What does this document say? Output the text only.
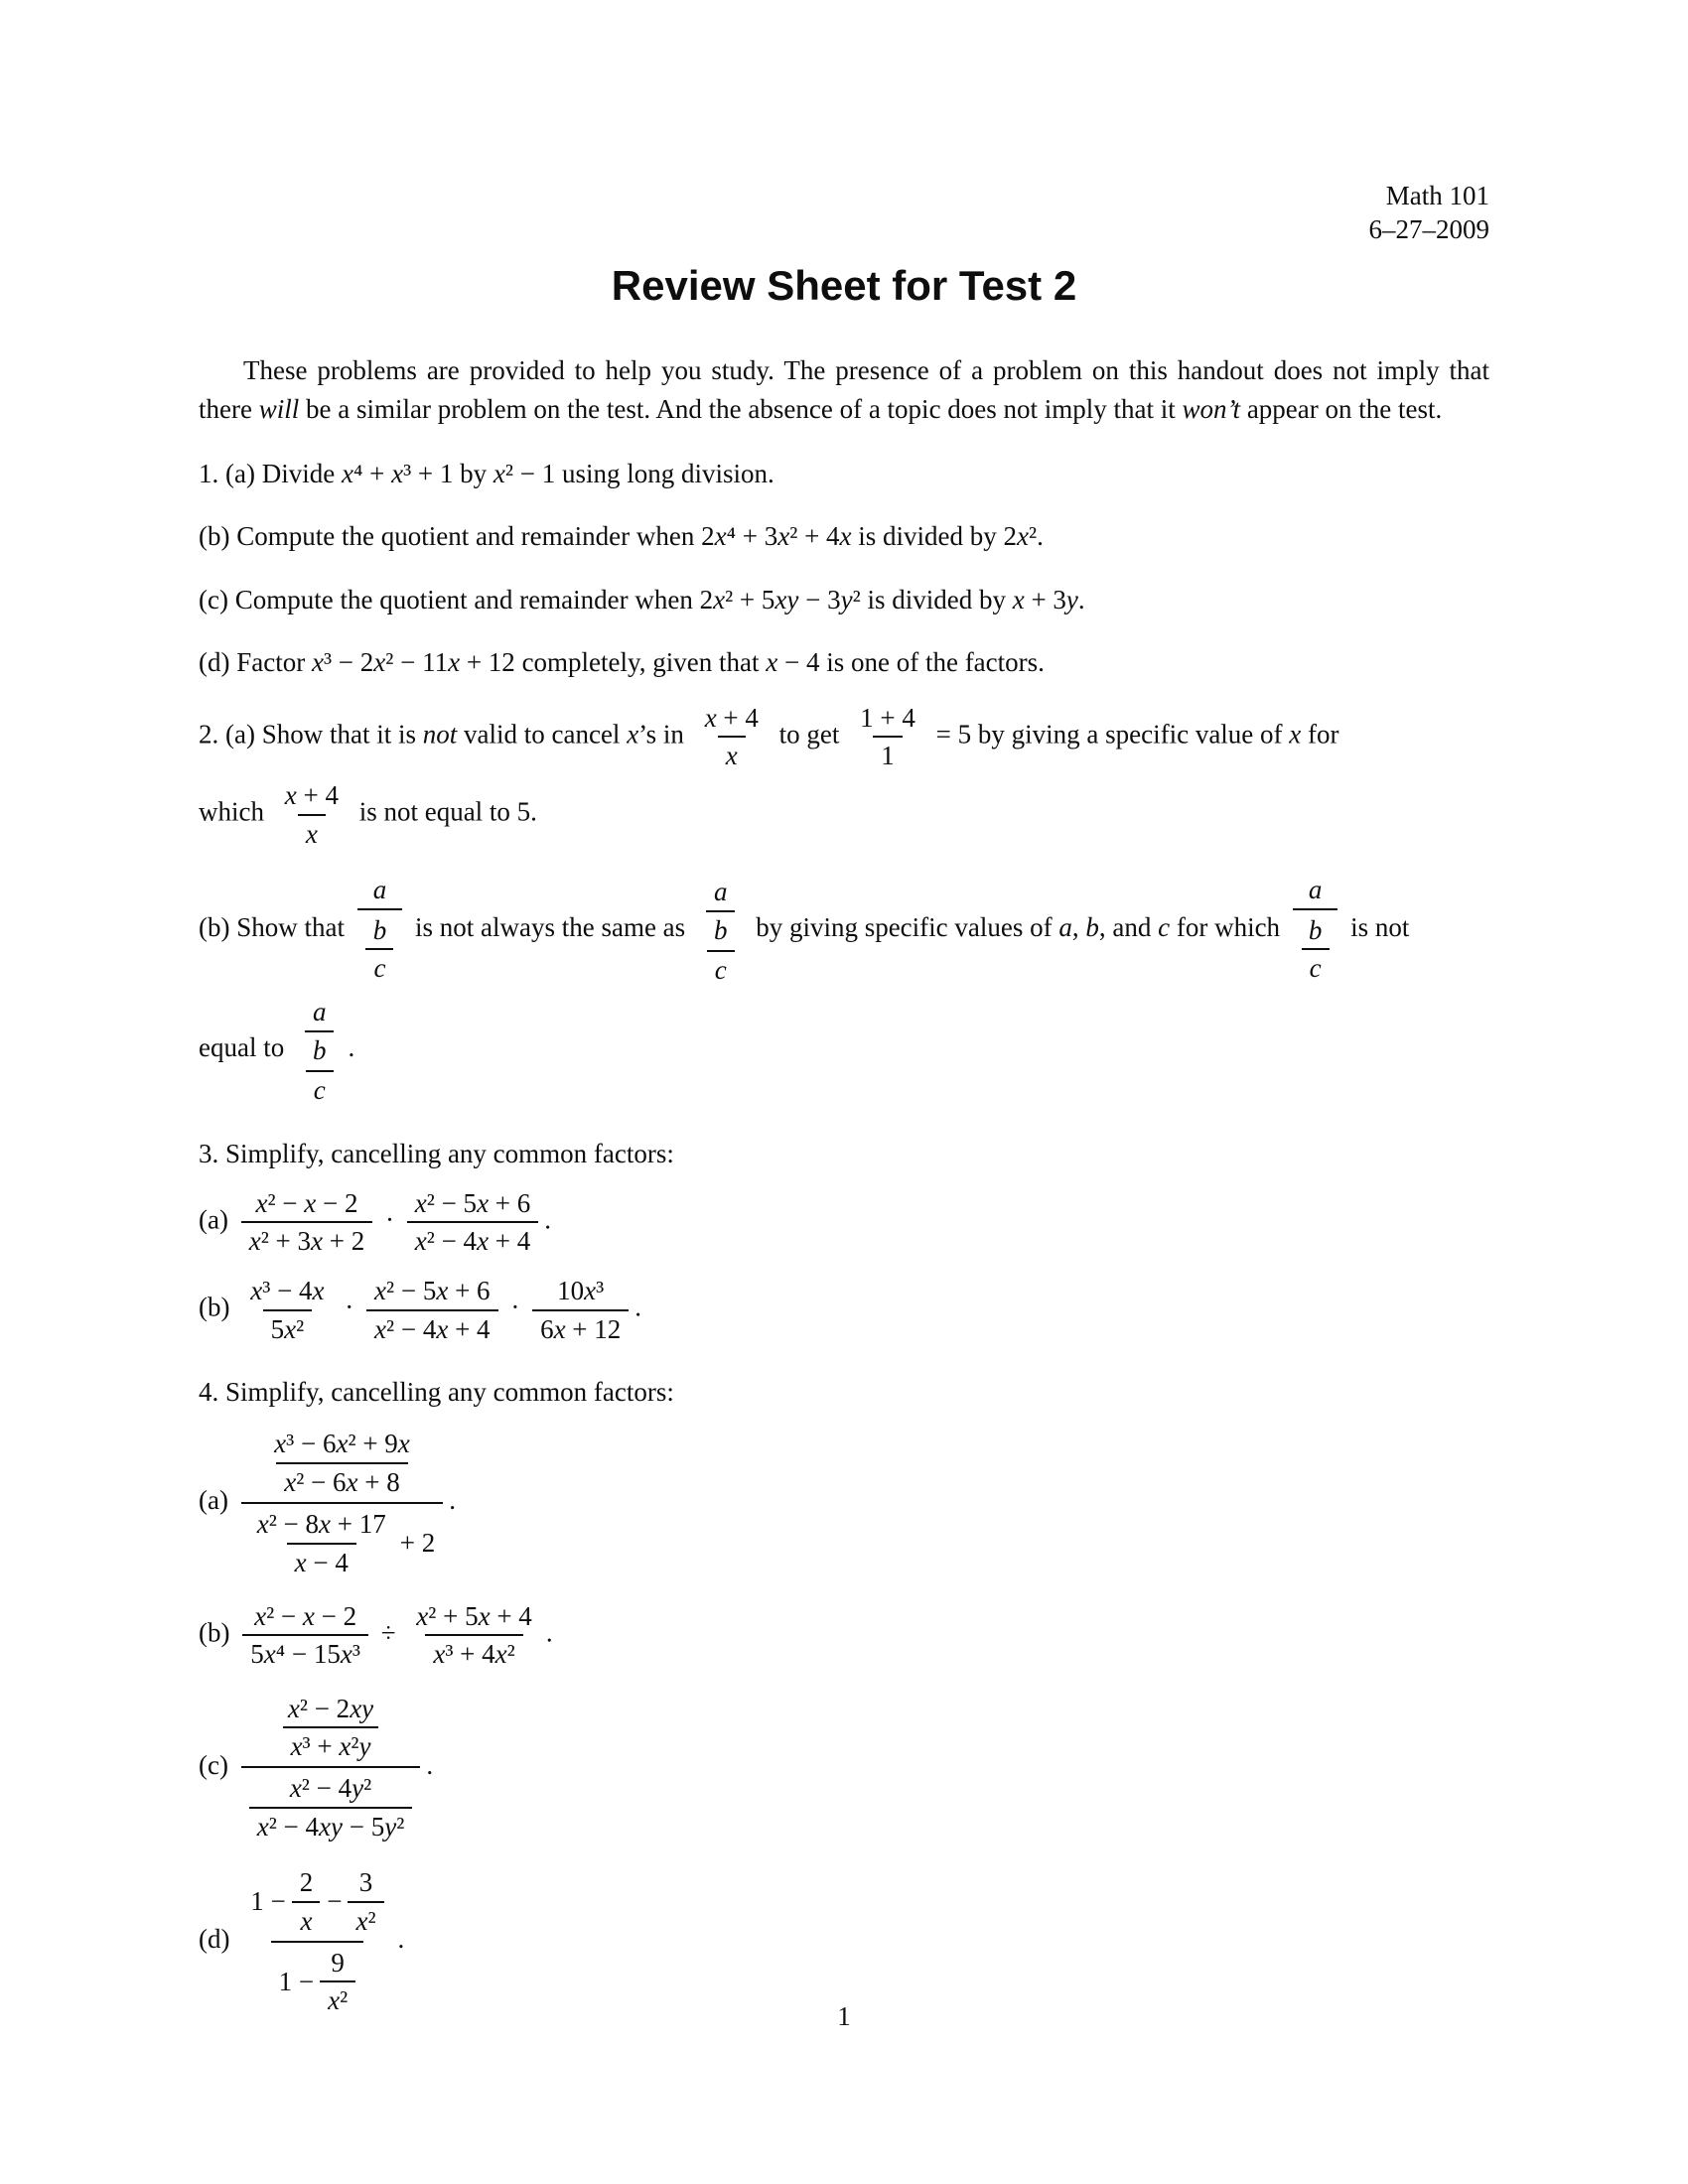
Math 101
6–27–2009
Review Sheet for Test 2

These problems are provided to help you study. The presence of a problem on this handout does not imply that there will be a similar problem on the test. And the absence of a topic does not imply that it won’t appear on the test.

1. (a) Divide x⁴ + x³ + 1 by x² − 1 using long division.
(b) Compute the quotient and remainder when 2x⁴ + 3x² + 4x is divided by 2x².
(c) Compute the quotient and remainder when 2x² + 5xy − 3y² is divided by x + 3y.
(d) Factor x³ − 2x² − 11x + 12 completely, given that x − 4 is one of the factors.
2. (a) Show that it is not valid to cancel x’s in $\frac{x + 4}{x}$ to get $\frac{1 + 4}{1} = 5$ by giving a specific value of x for
which $\frac{x + 4}{x}$ is not equal to 5.
(b) Show that $\frac{a}{\frac{b}{c}}$ is not always the same as $\frac{\frac{a}{b}}{c}$ by giving specific values of a, b, and c for which $\frac{a}{\frac{b}{c}}$ is not
equal to $\frac{\frac{a}{b}}{c}$ .
3. Simplify, cancelling any common factors:
$(a) \frac{\text{x² − x − 2}}{\text{x² + 3x + 2}} \cdot \frac{\text{x² − 5x + 6}}{\text{x² − 4x + 4}}$ .
$(b) \frac{\text{x³ − 4x}}{\text{5x²}} \cdot \frac{\text{x² − 5x + 6}}{\text{x² − 4x + 4}} \cdot \frac{\text{10x³}}{6x + 12}$ .
4. Simplify, cancelling any common factors:
$(a) \frac{\frac{\text{x³ − 6x² + 9x}}{\text{x² − 6x + 8}}}{\frac{\text{x² − 8x + 17}}{x - 4} + 2}$ .
$(b) \frac{\text{x² − x − 2}}{\text{5x⁴ − 15x³}} \div \frac{\text{x² + 5x + 4}}{\text{x³ + 4x²}}$ .
$(c) \frac{\frac{\text{x² − 2xy}}{\text{x³ + x²y}}}{\frac{\text{x² − 4y²}}{\text{x² − 4xy − 5y²}}}$ .
$(d) \frac{1 - \frac{2}{x} - \frac{3}{\text{x²}}}{1 - \frac{9}{\text{x²}}}$ .
1
